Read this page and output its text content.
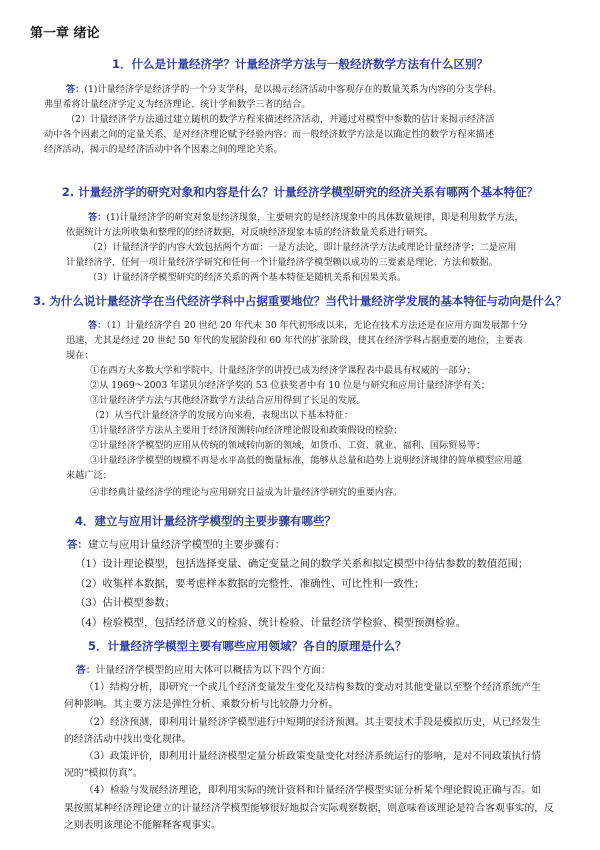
第一章 绪论
1．什么是计量经济学？计量经济学方法与一般经济数学方法有什么区别？
答：(1)计量经济学是经济学的一个分支学科，是以揭示经济活动中客观存在的数量关系为内容的分支学科。
弗里希将计量经济学定义为经济理论、统计学和数学三者的结合。
（2）计量经济学方法通过建立随机的数学方程来描述经济活动，并通过对模型中参数的估计来揭示经济活
动中各个因素之间的定量关系，是对经济理论赋予经验内容；而一般经济数学方法是以确定性的数学方程来描述
经济活动，揭示的是经济活动中各个因素之间的理论关系。
2. 计量经济学的研究对象和内容是什么？计量经济学模型研究的经济关系有哪两个基本特征？
答：(1)计量经济学的研究对象是经济现象，主要研究的是经济现象中的具体数量规律，即是利用数学方法，
依据统计方法所收集和整理的的经济数据，对反映经济现象本质的经济数量关系进行研究。
（2）计量经济学的内容大致包括两个方面：一是方法论，即计量经济学方法或理论计量经济学；二是应用
计量经济学，任何一项计量经济学研究和任何一个计量经济学模型赖以成功的三要素是理论、方法和数据。
（3）计量经济学模型研究的经济关系的两个基本特征是随机关系和因果关系。
3. 为什么说计量经济学在当代经济学科中占据重要地位？当代计量经济学发展的基本特征与动向是什么？
答：（1）计量经济学自 20 世纪 20 年代末 30 年代初形成以来，无论在技术方法还是在应用方面发展都十分
迅速，尤其是经过 20 世纪 50 年代的发展阶段和 60 年代的扩张阶段，使其在经济学科占据重要的地位，主要表
现在：
①在西方大多数大学和学院中，计量经济学的讲授已成为经济学课程表中最具有权威的一部分；
②从 1969～2003 年诺贝尔经济学奖的 53 位获奖者中有 10 位是与研究和应用计量经济学有关；
③计量经济学方法与其他经济数学方法结合应用得到了长足的发展。
（2）从当代计量经济学的发展方向来看，表现出以下基本特征：
①计量经济学方法从主要用于经济预测转向经济理论假设和政策假设的检验；
②计量经济学模型的应用从传统的领域转向新的领域，如货币、工资、就业、福利、国际贸易等；
③计量经济学模型的规模不再是水平高低的衡量标准，能够从总量和趋势上说明经济规律的简单模型应用越
来越广泛；
④非经典计量经济学的理论与应用研究日益成为计量经济学研究的重要内容。
4．建立与应用计量经济学模型的主要步骤有哪些？
答：建立与应用计量经济学模型的主要步骤有：
（1）设计理论模型，包括选择变量、确定变量之间的数学关系和拟定模型中待估参数的数值范围；
（2）收集样本数据，要考虑样本数据的完整性、准确性、可比性和一致性；
（3）估计模型参数；
（4）检验模型，包括经济意义的检验、统计检验、计量经济学检验、模型预测检验。
5．计量经济学模型主要有哪些应用领域？各自的原理是什么？
答：计量经济学模型的应用大体可以概括为以下四个方面：
（1）结构分析，即研究一个或几个经济变量发生变化及结构参数的变动对其他变量以至整个经济系统产生
何种影响。其主要方法是弹性分析、乘数分析与比较静力分析。
（2）经济预测，即利用计量经济学模型进行中短期的经济预测。其主要技术手段是模拟历史，从已经发生
的经济活动中找出变化规律。
（3）政策评价，即利用计量经济模型定量分析政策变量变化对经济系统运行的影响，是对不同政策执行情
况的“模拟仿真”。
（4）检验与发展经济理论，即利用实际的统计资料和计量经济学模型实证分析某个理论假说正确与否。如
果按照某种经济理论建立的计量经济学模型能够很好地拟合实际观察数据，则意味着该理论是符合客观事实的，反
之则表明该理论不能解释客观事实。
